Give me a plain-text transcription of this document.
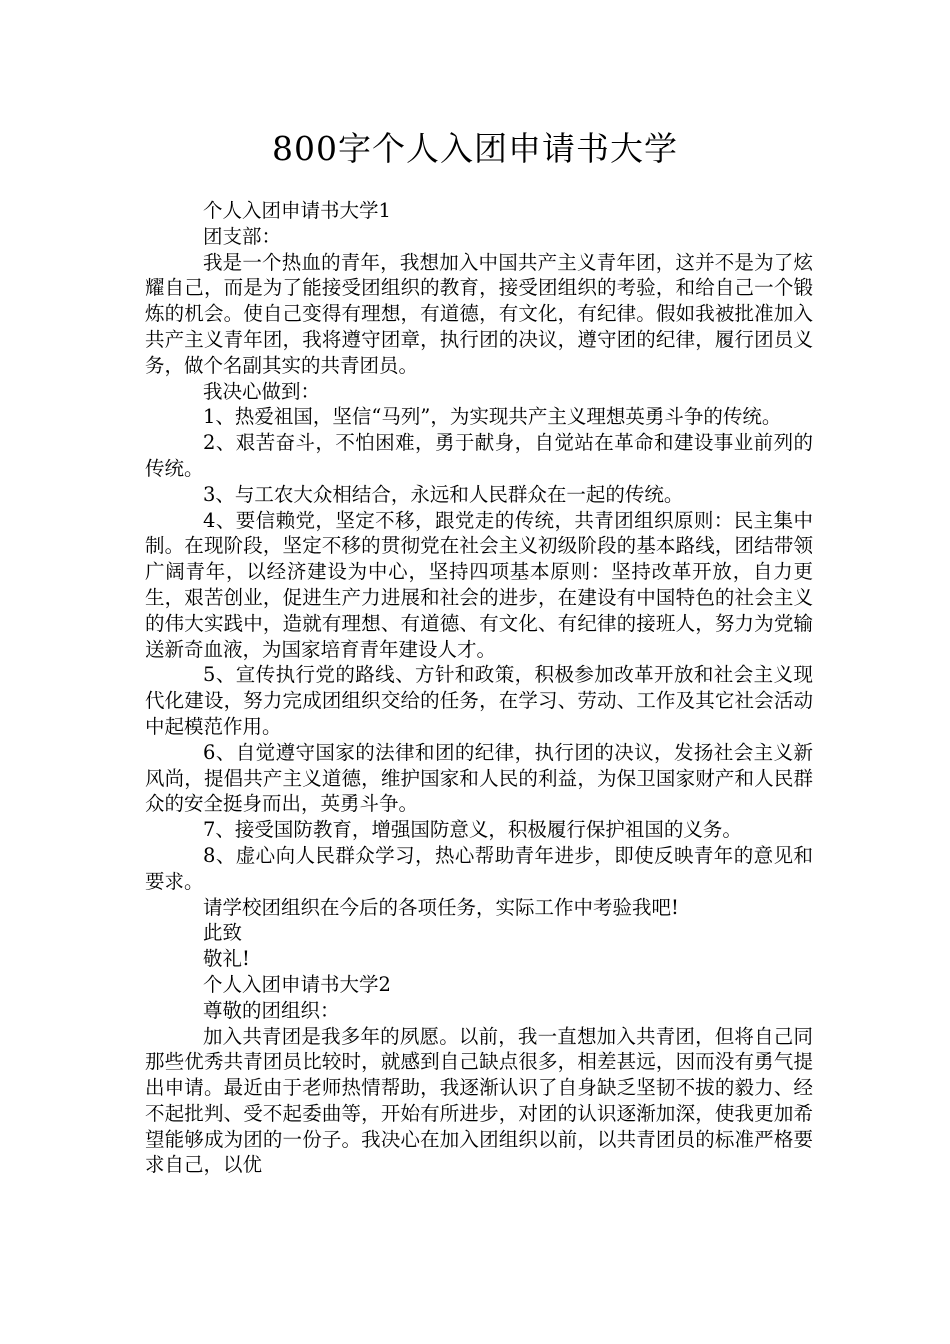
800字个人入团申请书大学

个人入团申请书大学1

团支部：

我是一个热血的青年，我想加入中国共产主义青年团，这并不是为了炫耀自己，而是为了能接受团组织的教育，接受团组织的考验，和给自己一个锻炼的机会。使自己变得有理想，有道德，有文化，有纪律。假如我被批准加入共产主义青年团，我将遵守团章，执行团的决议，遵守团的纪律，履行团员义务，做个名副其实的共青团员。

我决心做到：

1、热爱祖国，坚信“马列”，为实现共产主义理想英勇斗争的传统。

2、艰苦奋斗，不怕困难，勇于献身，自觉站在革命和建设事业前列的传统。

3、与工农大众相结合，永远和人民群众在一起的传统。

4、要信赖党，坚定不移，跟党走的传统，共青团组织原则：民主集中制。在现阶段，坚定不移的贯彻党在社会主义初级阶段的基本路线，团结带领广阔青年，以经济建设为中心，坚持四项基本原则：坚持改革开放，自力更生，艰苦创业，促进生产力进展和社会的进步，在建设有中国特色的社会主义的伟大实践中，造就有理想、有道德、有文化、有纪律的接班人，努力为党输送新奇血液，为国家培育青年建设人才。

5、宣传执行党的路线、方针和政策，积极参加改革开放和社会主义现代化建设，努力完成团组织交给的任务，在学习、劳动、工作及其它社会活动中起模范作用。

6、自觉遵守国家的法律和团的纪律，执行团的决议，发扬社会主义新风尚，提倡共产主义道德，维护国家和人民的利益，为保卫国家财产和人民群众的安全挺身而出，英勇斗争。

7、接受国防教育，增强国防意义，积极履行保护祖国的义务。

8、虚心向人民群众学习，热心帮助青年进步，即使反映青年的意见和要求。

请学校团组织在今后的各项任务，实际工作中考验我吧!

此致

敬礼!

个人入团申请书大学2

尊敬的团组织：

加入共青团是我多年的夙愿。以前，我一直想加入共青团，但将自己同那些优秀共青团员比较时，就感到自己缺点很多，相差甚远，因而没有勇气提出申请。最近由于老师热情帮助，我逐渐认识了自身缺乏坚韧不拔的毅力、经不起批判、受不起委曲等，开始有所进步，对团的认识逐渐加深，使我更加希望能够成为团的一份子。我决心在加入团组织以前，以共青团员的标准严格要求自己，以优
